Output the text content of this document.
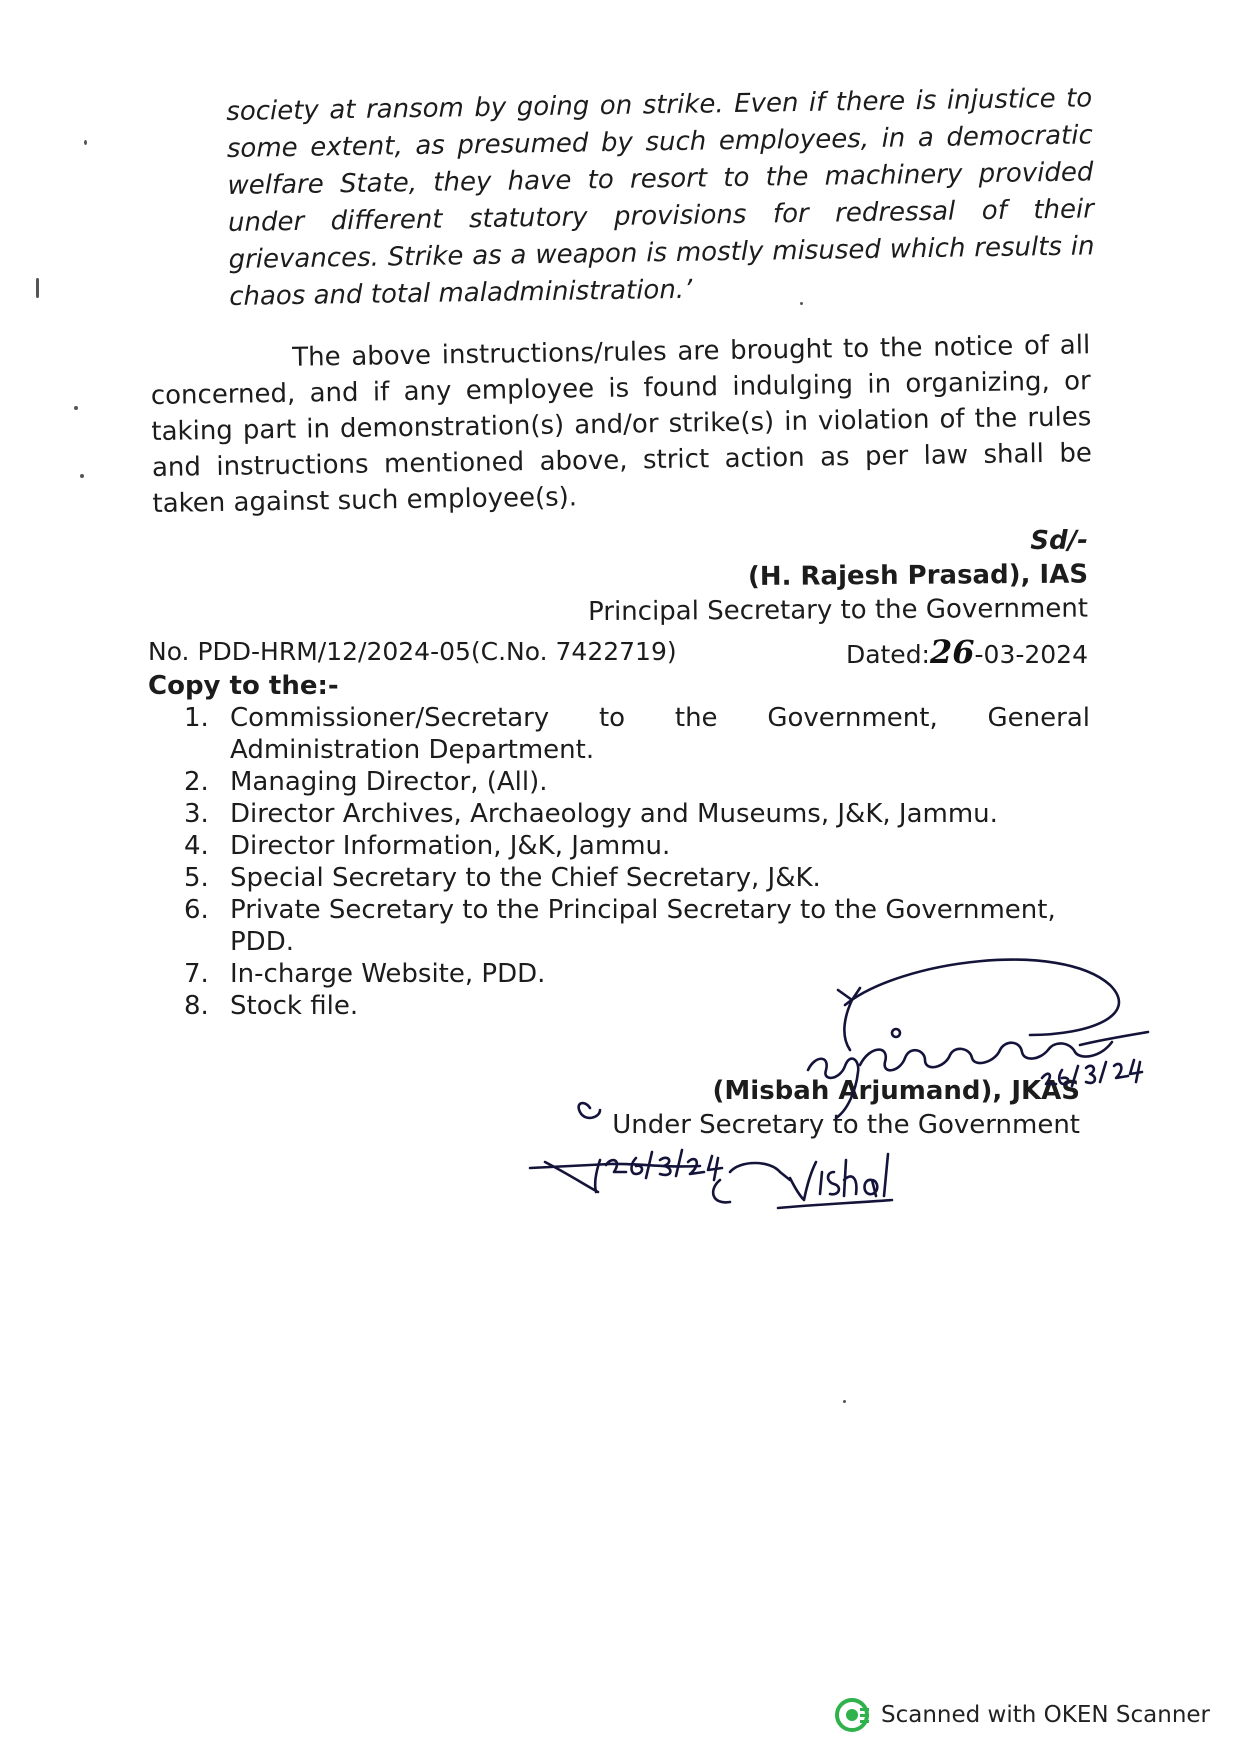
society at ransom by going on strike. Even if there is injustice to some extent, as presumed by such employees, in a democratic welfare State, they have to resort to the machinery provided under different statutory provisions for redressal of their grievances. Strike as a weapon is mostly misused which results in chaos and total maladministration.’
The above instructions/rules are brought to the notice of all concerned, and if any employee is found indulging in organizing, or taking part in demonstration(s) and/or strike(s) in violation of the rules and instructions mentioned above, strict action as per law shall be taken against such employee(s).
Sd/-
(H. Rajesh Prasad), IAS
Principal Secretary to the Government
No. PDD-HRM/12/2024-05(C.No. 7422719)	Dated:26-03-2024
Copy to the:-
1. Commissioner/Secretary to the Government, General Administration Department.
2. Managing Director, (All).
3. Director Archives, Archaeology and Museums, J&K, Jammu.
4. Director Information, J&K, Jammu.
5. Special Secretary to the Chief Secretary, J&K.
6. Private Secretary to the Principal Secretary to the Government, PDD.
7. In-charge Website, PDD.
8. Stock file.
(Misbah Arjumand), JKAS
Under Secretary to the Government
Scanned with OKEN Scanner
